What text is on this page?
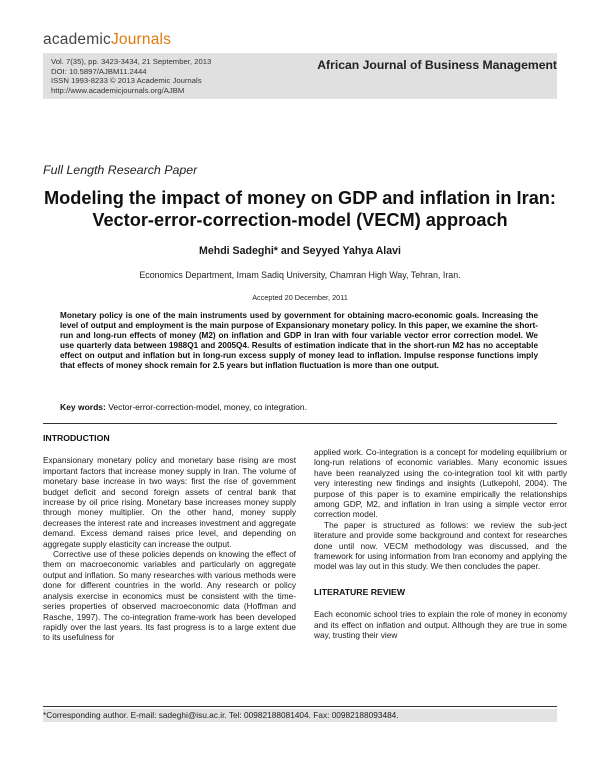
academicJournals
Vol. 7(35), pp. 3423-3434, 21 September, 2013
DOI: 10.5897/AJBM11.2444
ISSN 1993-8233 © 2013 Academic Journals
http://www.academicjournals.org/AJBM
African Journal of Business Management
Full Length Research Paper
Modeling the impact of money on GDP and inflation in Iran: Vector-error-correction-model (VECM) approach
Mehdi Sadeghi* and Seyyed Yahya Alavi
Economics Department, Imam Sadiq University, Chamran High Way, Tehran, Iran.
Accepted 20 December, 2011
Monetary policy is one of the main instruments used by government for obtaining macro-economic goals. Increasing the level of output and employment is the main purpose of Expansionary monetary policy. In this paper, we examine the short-run and long-run effects of money (M2) on inflation and GDP in Iran with four variable vector error correction model. We use quarterly data between 1988Q1 and 2005Q4. Results of estimation indicate that in the short-run M2 has no acceptable effect on output and inflation but in long-run excess supply of money lead to inflation. Impulse response functions imply that effects of money shock remain for 2.5 years but inflation fluctuation is more than one output.
Key words: Vector-error-correction-model, money, co integration.
INTRODUCTION

Expansionary monetary policy and monetary base rising are most important factors that increase money supply in Iran. The volume of monetary base increase in two ways: first the rise of government budget deficit and second foreign assets of central bank that increase by oil price rising. Monetary base increases money supply through money multiplier. On the other hand, money supply decreases the interest rate and increases investment and aggregate demand. Excess demand raises price level, and depending on aggregate supply elasticity can increase the output.

Corrective use of these policies depends on knowing the effect of them on macroeconomic variables and particularly on aggregate output and inflation. So many researches with various methods were done for different countries in the world. Any research or policy analysis exercise in economics must be consistent with the time-series properties of observed macroeconomic data (Hoffman and Rasche, 1997). The co-integration frame-work has been developed rapidly over the last years. Its fast progress is to a large extent due to its usefulness for

applied work. Co-integration is a concept for modeling equilibrium or long-run relations of economic variables. Many economic issues have been reanalyzed using the co-integration tool kit with partly very interesting new findings and insights (Lutkepohl, 2004). The purpose of this paper is to examine empirically the relationships among GDP, M2, and inflation in Iran using a simple vector error correction model.

The paper is structured as follows: we review the sub-ject literature and provide some background and context for researches done until now. VECM methodology was discussed, and the framework for using information from Iran economy and applying the model was lay out in this study. We then concludes the paper.

LITERATURE REVIEW

Each economic school tries to explain the role of money in economy and its effect on inflation and output. Although they are true in some way, trusting their view

*Corresponding author. E-mail: sadeghi@isu.ac.ir. Tel: 00982188081404. Fax: 00982188093484.
